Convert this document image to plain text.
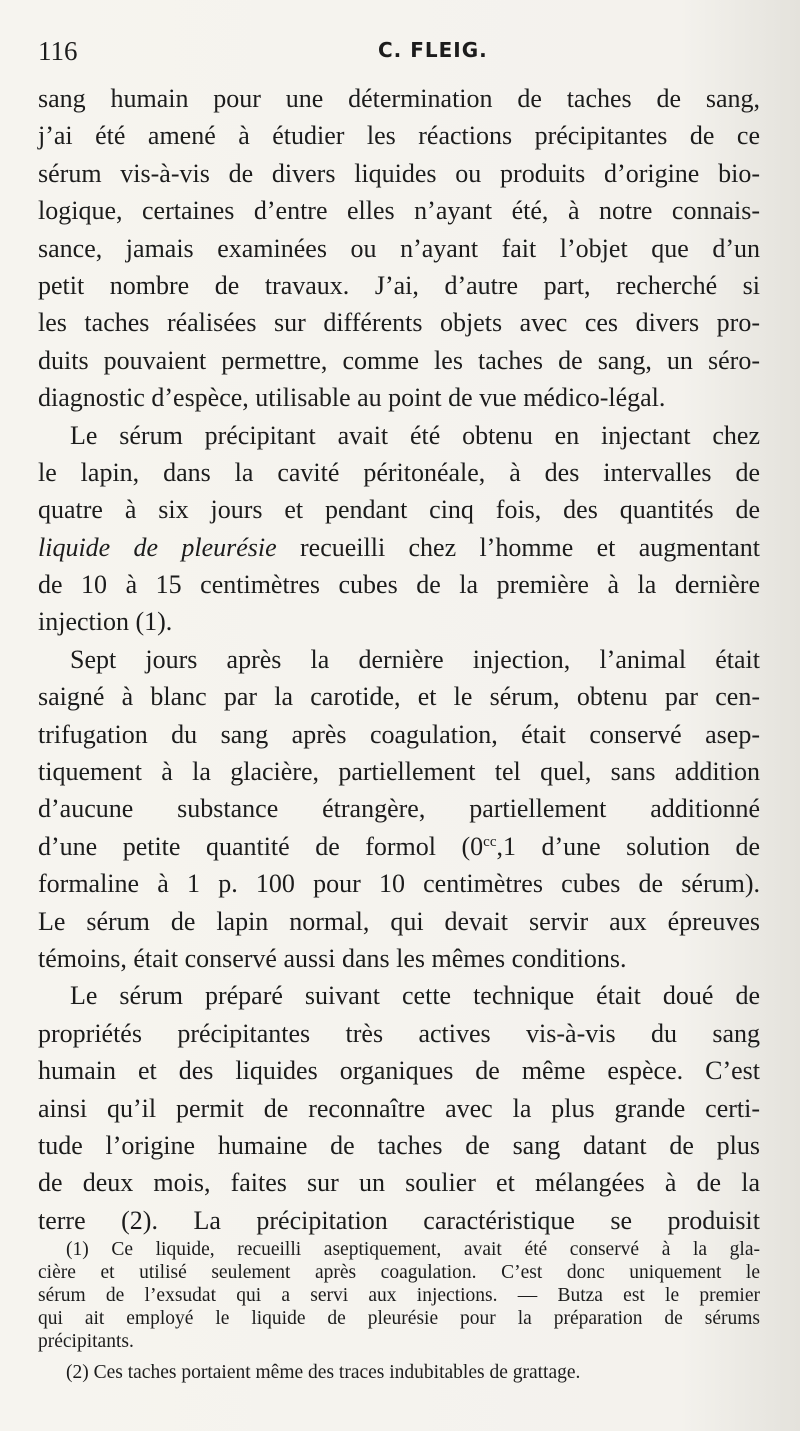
116	C. FLEIG.
sang humain pour une détermination de taches de sang,
j’ai été amené à étudier les réactions précipitantes de ce
sérum vis-à-vis de divers liquides ou produits d’origine bio-
logique, certaines d’entre elles n’ayant été, à notre connais-
sance, jamais examinées ou n’ayant fait l’objet que d’un
petit nombre de travaux. J’ai, d’autre part, recherché si
les taches réalisées sur différents objets avec ces divers pro-
duits pouvaient permettre, comme les taches de sang, un séro-
diagnostic d’espèce, utilisable au point de vue médico-légal.
Le sérum précipitant avait été obtenu en injectant chez
le lapin, dans la cavité péritonéale, à des intervalles de
quatre à six jours et pendant cinq fois, des quantités de
liquide de pleurésie recueilli chez l’homme et augmentant
de 10 à 15 centimètres cubes de la première à la dernière
injection (1).
Sept jours après la dernière injection, l’animal était
saigné à blanc par la carotide, et le sérum, obtenu par cen-
trifugation du sang après coagulation, était conservé asep-
tiquement à la glacière, partiellement tel quel, sans addition
d’aucune substance étrangère, partiellement additionné
d’une petite quantité de formol ($0^{cc},1$ d’une solution de
formaline à 1 p. 100 pour 10 centimètres cubes de sérum).
Le sérum de lapin normal, qui devait servir aux épreuves
témoins, était conservé aussi dans les mêmes conditions.
Le sérum préparé suivant cette technique était doué de
propriétés précipitantes très actives vis-à-vis du sang
humain et des liquides organiques de même espèce. C’est
ainsi qu’il permit de reconnaître avec la plus grande certi-
tude l’origine humaine de taches de sang datant de plus
de deux mois, faites sur un soulier et mélangées à de la
terre (2). La précipitation caractéristique se produisit
(1) Ce liquide, recueilli aseptiquement, avait été conservé à la gla-
cière et utilisé seulement après coagulation. C’est donc uniquement le
sérum de l’exsudat qui a servi aux injections. — Butza est le premier
qui ait employé le liquide de pleurésie pour la préparation de sérums
précipitants.
(2) Ces taches portaient même des traces indubitables de grattage.
